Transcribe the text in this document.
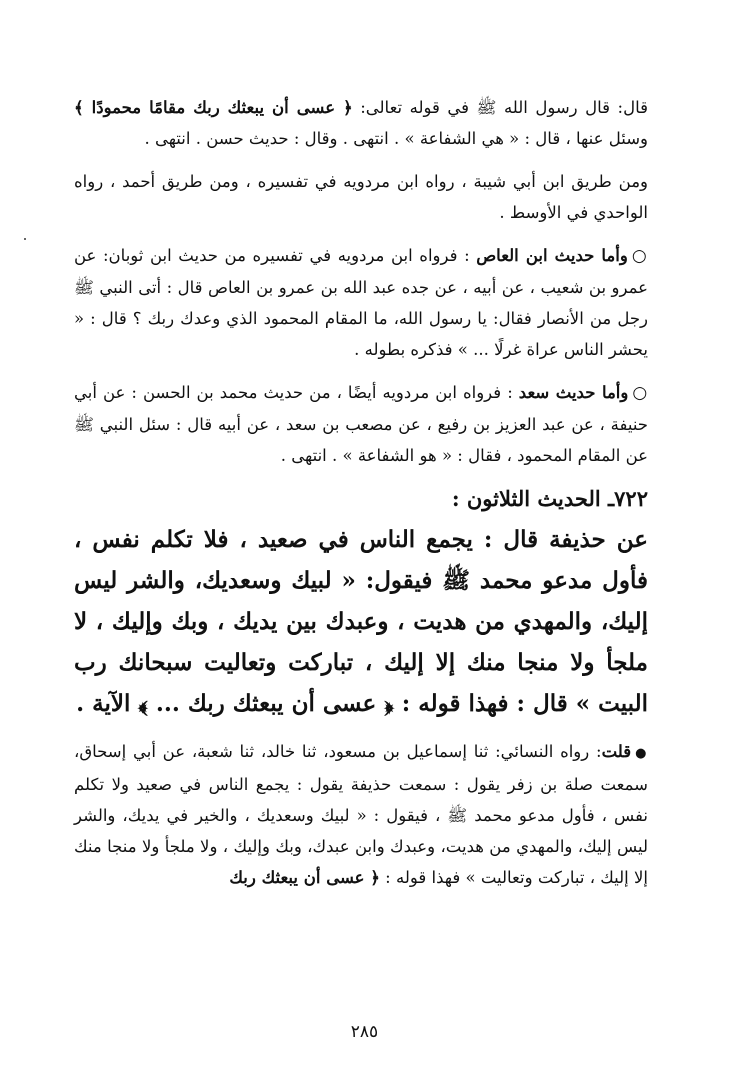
قال: قال رسول الله ﷺ في قوله تعالى: ﴿ عسى أن يبعثك ربك مقامًا محمودًا ﴾ وسئل عنها ، قال : « هي الشفاعة » . انتهى . وقال : حديث حسن . انتهى .

ومن طريق ابن أبي شيبة ، رواه ابن مردويه في تفسيره ، ومن طريق أحمد ، رواه الواحدي في الأوسط .

○وأما حديث ابن العاص : فرواه ابن مردويه في تفسيره من حديث ابن ثوبان: عن عمرو بن شعيب ، عن أبيه ، عن جده عبد الله بن عمرو بن العاص قال : أتى النبي ﷺ رجل من الأنصار فقال: يا رسول الله، ما المقام المحمود الذي وعدك ربك ؟ قال : « يحشر الناس عراة غرلًا ... » فذكره بطوله .

○وأما حديث سعد : فرواه ابن مردويه أيضًا ، من حديث محمد بن الحسن : عن أبي حنيفة ، عن عبد العزيز بن رفيع ، عن مصعب بن سعد ، عن أبيه قال : سئل النبي ﷺ عن المقام المحمود ، فقال : « هو الشفاعة » . انتهى .

٧٢٢ـ الحديث الثلاثون :

عن حذيفة قال : يجمع الناس في صعيد ، فلا تكلم نفس ، فأول مدعو محمد ﷺ فيقول: « لبيك وسعديك، والشر ليس إليك، والمهدي من هديت ، وعبدك بين يديك ، وبك وإليك ، لا ملجأ ولا منجا منك إلا إليك ، تباركت وتعاليت سبحانك رب البيت » قال : فهذا قوله : ﴿ عسى أن يبعثك ربك ... ﴾ الآية .

●قلت: رواه النسائي: ثنا إسماعيل بن مسعود، ثنا خالد، ثنا شعبة، عن أبي إسحاق، سمعت صلة بن زفر يقول : سمعت حذيفة يقول : يجمع الناس في صعيد ولا تكلم نفس ، فأول مدعو محمد ﷺ ، فيقول : « لبيك وسعديك ، والخير في يديك، والشر ليس إليك، والمهدي من هديت، وعبدك وابن عبدك، وبك وإليك ، ولا ملجأ ولا منجا منك إلا إليك ، تباركت وتعاليت » فهذا قوله : ﴿ عسى أن يبعثك ربك

٢٨٥
